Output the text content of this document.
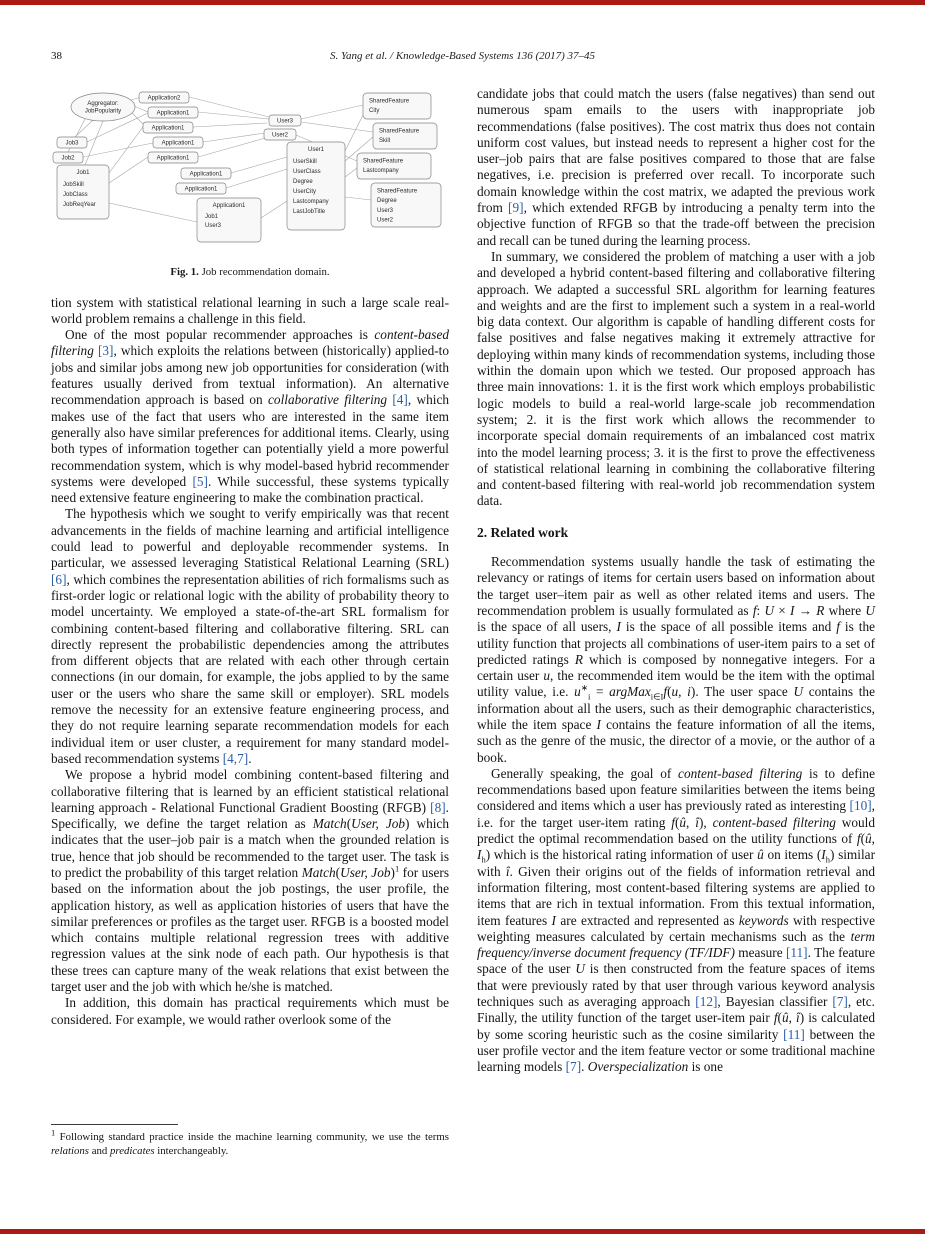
38	S. Yang et al. / Knowledge-Based Systems 136 (2017) 37–45
Aggregator:
JobPopularity
Application2
Application1
Application1
Application1
Application1
Application1
Application1
Application1
Job1
User3
Job3
Job2
Job1
JobSkill
JobClass
JobReqYear
User3
User2
User1
UserSkill
UserClass
Degree
UserCity
Lastcompany
LastJobTitle
SharedFeature
City
SharedFeature
Skill
SharedFeature
Lastcompany
SharedFeature
Degree
User3
User2
Fig. 1. Job recommendation domain.

tion system with statistical relational learning in such a large scale real-world problem remains a challenge in this field.

One of the most popular recommender approaches is content-based filtering [3], which exploits the relations between (historically) applied-to jobs and similar jobs among new job opportunities for consideration (with features usually derived from textual information). An alternative recommendation approach is based on collaborative filtering [4], which makes use of the fact that users who are interested in the same item generally also have similar preferences for additional items. Clearly, using both types of information together can potentially yield a more powerful recommendation system, which is why model-based hybrid recommender systems were developed [5]. While successful, these systems typically need extensive feature engineering to make the combination practical.

The hypothesis which we sought to verify empirically was that recent advancements in the fields of machine learning and artificial intelligence could lead to powerful and deployable recommender systems. In particular, we assessed leveraging Statistical Relational Learning (SRL) [6], which combines the representation abilities of rich formalisms such as first-order logic or relational logic with the ability of probability theory to model uncertainty. We employed a state-of-the-art SRL formalism for combining content-based filtering and collaborative filtering. SRL can directly represent the probabilistic dependencies among the attributes from different objects that are related with each other through certain connections (in our domain, for example, the jobs applied to by the same user or the users who share the same skill or employer). SRL models remove the necessity for an extensive feature engineering process, and they do not require learning separate recommendation models for each individual item or user cluster, a requirement for many standard model-based recommendation systems [4,7].

We propose a hybrid model combining content-based filtering and collaborative filtering that is learned by an efficient statistical relational learning approach - Relational Functional Gradient Boosting (RFGB) [8]. Specifically, we define the target relation as Match(User, Job) which indicates that the user–job pair is a match when the grounded relation is true, hence that job should be recommended to the target user. The task is to predict the probability of this target relation Match(User, Job)$^1$ for users based on the information about the job postings, the user profile, the application history, as well as application histories of users that have the similar preferences or profiles as the target user. RFGB is a boosted model which contains multiple relational regression trees with additive regression values at the sink node of each path. Our hypothesis is that these trees can capture many of the weak relations that exist between the target user and the job with which he/she is matched.

In addition, this domain has practical requirements which must be considered. For example, we would rather overlook some of the

candidate jobs that could match the users (false negatives) than send out numerous spam emails to the users with inappropriate job recommendations (false positives). The cost matrix thus does not contain uniform cost values, but instead needs to represent a higher cost for the user–job pairs that are false positives compared to those that are false negatives, i.e. precision is preferred over recall. To incorporate such domain knowledge within the cost matrix, we adapted the previous work from [9], which extended RFGB by introducing a penalty term into the objective function of RFGB so that the trade-off between the precision and recall can be tuned during the learning process.

In summary, we considered the problem of matching a user with a job and developed a hybrid content-based filtering and collaborative filtering approach. We adapted a successful SRL algorithm for learning features and weights and are the first to implement such a system in a real-world big data context. Our algorithm is capable of handling different costs for false positives and false negatives making it extremely attractive for deploying within many kinds of recommendation systems, including those within the domain upon which we tested. Our proposed approach has three main innovations: 1. it is the first work which employs probabilistic logic models to build a real-world large-scale job recommendation system; 2. it is the first work which allows the recommender to incorporate special domain requirements of an imbalanced cost matrix into the model learning process; 3. it is the first to prove the effectiveness of statistical relational learning in combining the collaborative filtering and content-based filtering with real-world job recommendation system data.

2. Related work

Recommendation systems usually handle the task of estimating the relevancy or ratings of items for certain users based on information about the target user–item pair as well as other related items and users. The recommendation problem is usually formulated as f: U × I → R where U is the space of all users, I is the space of all possible items and f is the utility function that projects all combinations of user-item pairs to a set of predicted ratings R which is composed by nonnegative integers. For a certain user u, the recommended item would be the item with the optimal utility value, i.e. $u^∗_i$ = argMax$_{i\in I}$f(u, i). The user space U contains the information about all the users, such as their demographic characteristics, while the item space I contains the feature information of all the items, such as the genre of the music, the director of a movie, or the author of a book.

Generally speaking, the goal of content-based filtering is to define recommendations based upon feature similarities between the items being considered and items which a user has previously rated as interesting [10], i.e. for the target user-item rating f(û, î), content-based filtering would predict the optimal recommendation based on the utility functions of f(û, $I_h$) which is the historical rating information of user û on items $(I_h)$ similar with î. Given their origins out of the fields of information retrieval and information filtering, most content-based filtering systems are applied to items that are rich in textual information. From this textual information, item features I are extracted and represented as keywords with respective weighting measures calculated by certain mechanisms such as the term frequency/inverse document frequency (TF/IDF) measure [11]. The feature space of the user U is then constructed from the feature spaces of items that were previously rated by that user through various keyword analysis techniques such as averaging approach [12], Bayesian classifier [7], etc. Finally, the utility function of the target user-item pair f(û, î) is calculated by some scoring heuristic such as the cosine similarity [11] between the user profile vector and the item feature vector or some traditional machine learning models [7]. Overspecialization is one

$^1$ Following standard practice inside the machine learning community, we use the terms relations and predicates interchangeably.
